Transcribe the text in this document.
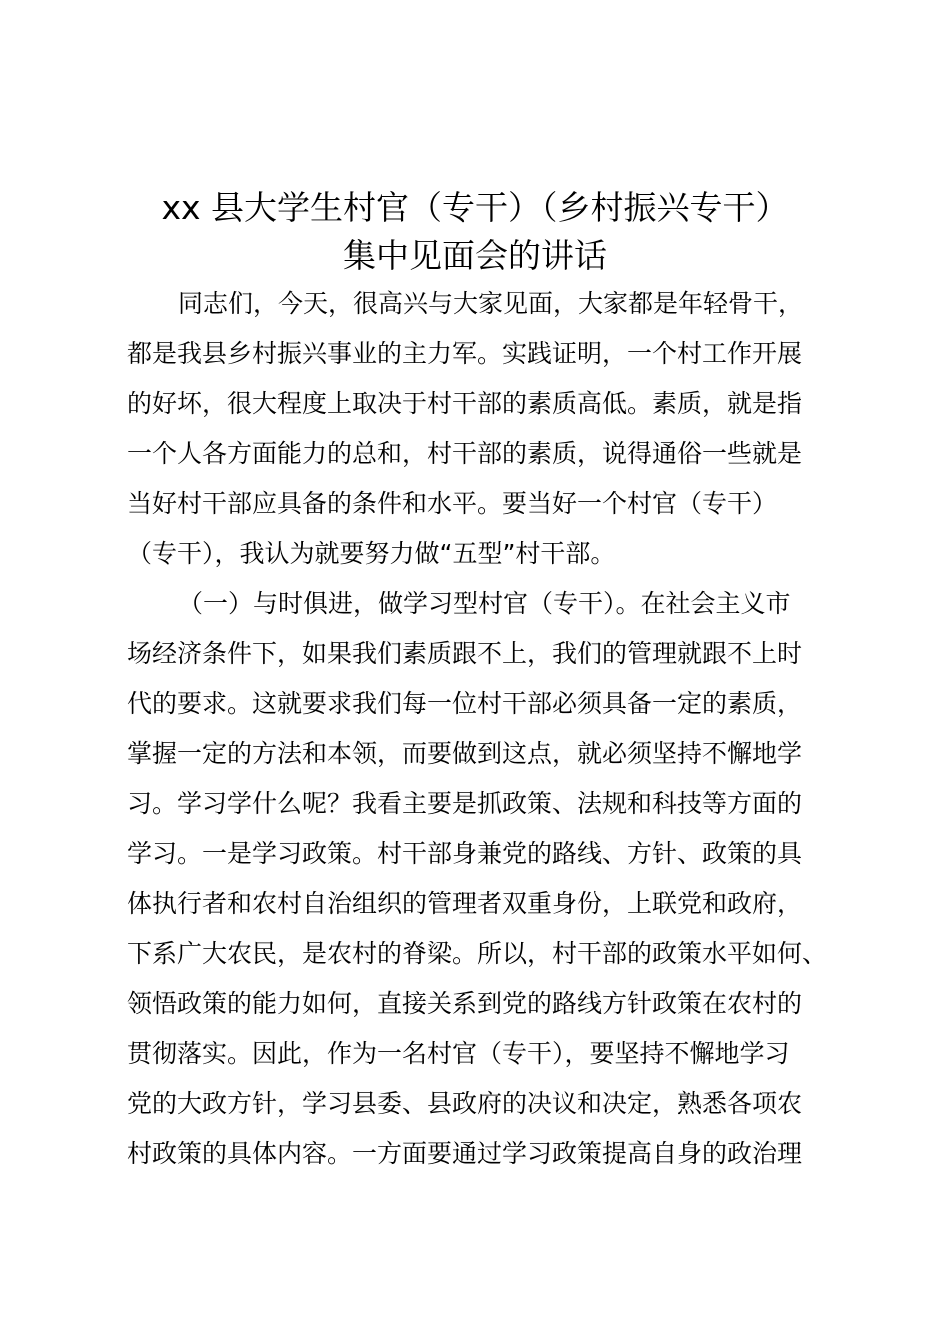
xx 县大学生村官（专干）（乡村振兴专干）
集中见面会的讲话

同志们，今天，很高兴与大家见面，大家都是年轻骨干，

都是我县乡村振兴事业的主力军。实践证明，一个村工作开展

的好坏，很大程度上取决于村干部的素质高低。素质，就是指

一个人各方面能力的总和，村干部的素质，说得通俗一些就是

当好村干部应具备的条件和水平。要当好一个村官（专干）

（专干），我认为就要努力做“五型”村干部。

（一）与时俱进，做学习型村官（专干）。在社会主义市

场经济条件下，如果我们素质跟不上，我们的管理就跟不上时

代的要求。这就要求我们每一位村干部必须具备一定的素质，

掌握一定的方法和本领，而要做到这点，就必须坚持不懈地学

习。学习学什么呢？我看主要是抓政策、法规和科技等方面的

学习。一是学习政策。村干部身兼党的路线、方针、政策的具

体执行者和农村自治组织的管理者双重身份，上联党和政府，

下系广大农民，是农村的脊梁。所以，村干部的政策水平如何、

领悟政策的能力如何，直接关系到党的路线方针政策在农村的

贯彻落实。因此，作为一名村官（专干），要坚持不懈地学习

党的大政方针，学习县委、县政府的决议和决定，熟悉各项农

村政策的具体内容。一方面要通过学习政策提高自身的政治理
